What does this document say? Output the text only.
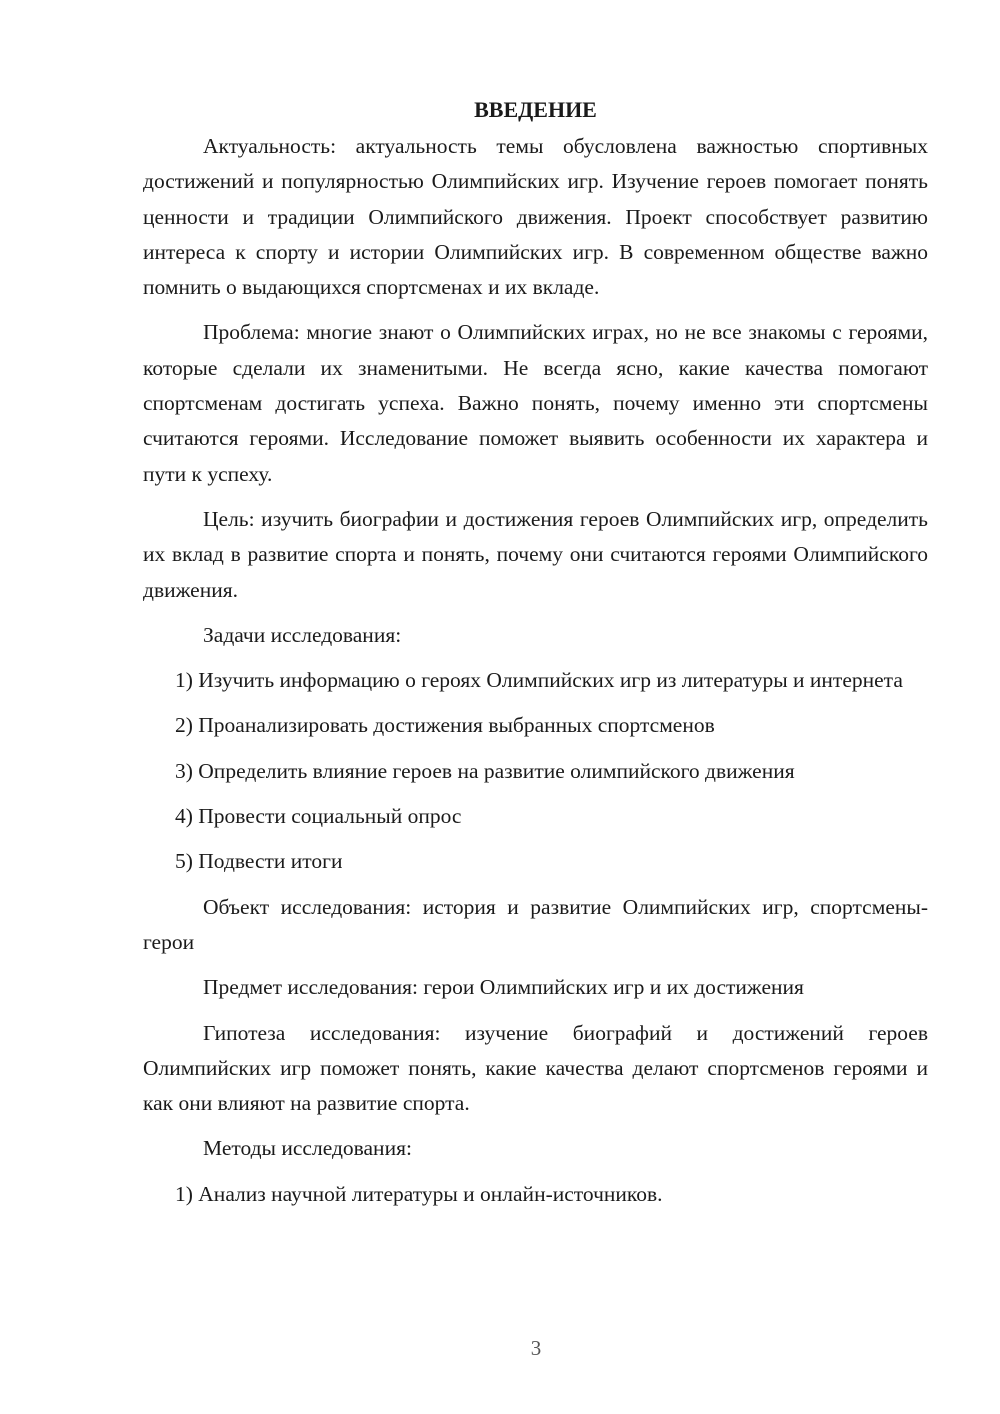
ВВЕДЕНИЕ

Актуальность: актуальность темы обусловлена важностью спортивных достижений и популярностью Олимпийских игр. Изучение героев помогает понять ценности и традиции Олимпийского движения. Проект способствует развитию интереса к спорту и истории Олимпийских игр. В современном обществе важно помнить о выдающихся спортсменах и их вкладе.

Проблема: многие знают о Олимпийских играх, но не все знакомы с героями, которые сделали их знаменитыми. Не всегда ясно, какие качества помогают спортсменам достигать успеха. Важно понять, почему именно эти спортсмены считаются героями. Исследование поможет выявить особенности их характера и пути к успеху.

Цель: изучить биографии и достижения героев Олимпийских игр, определить их вклад в развитие спорта и понять, почему они считаются героями Олимпийского движения.

Задачи исследования:

1) Изучить информацию о героях Олимпийских игр из литературы и интернета

2) Проанализировать достижения выбранных спортсменов

3) Определить влияние героев на развитие олимпийского движения

4) Провести социальный опрос

5) Подвести итоги

Объект исследования: история и развитие Олимпийских игр, спортсмены-герои

Предмет исследования: герои Олимпийских игр и их достижения

Гипотеза исследования: изучение биографий и достижений героев Олимпийских игр поможет понять, какие качества делают спортсменов героями и как они влияют на развитие спорта.

Методы исследования:

1) Анализ научной литературы и онлайн-источников.

3
